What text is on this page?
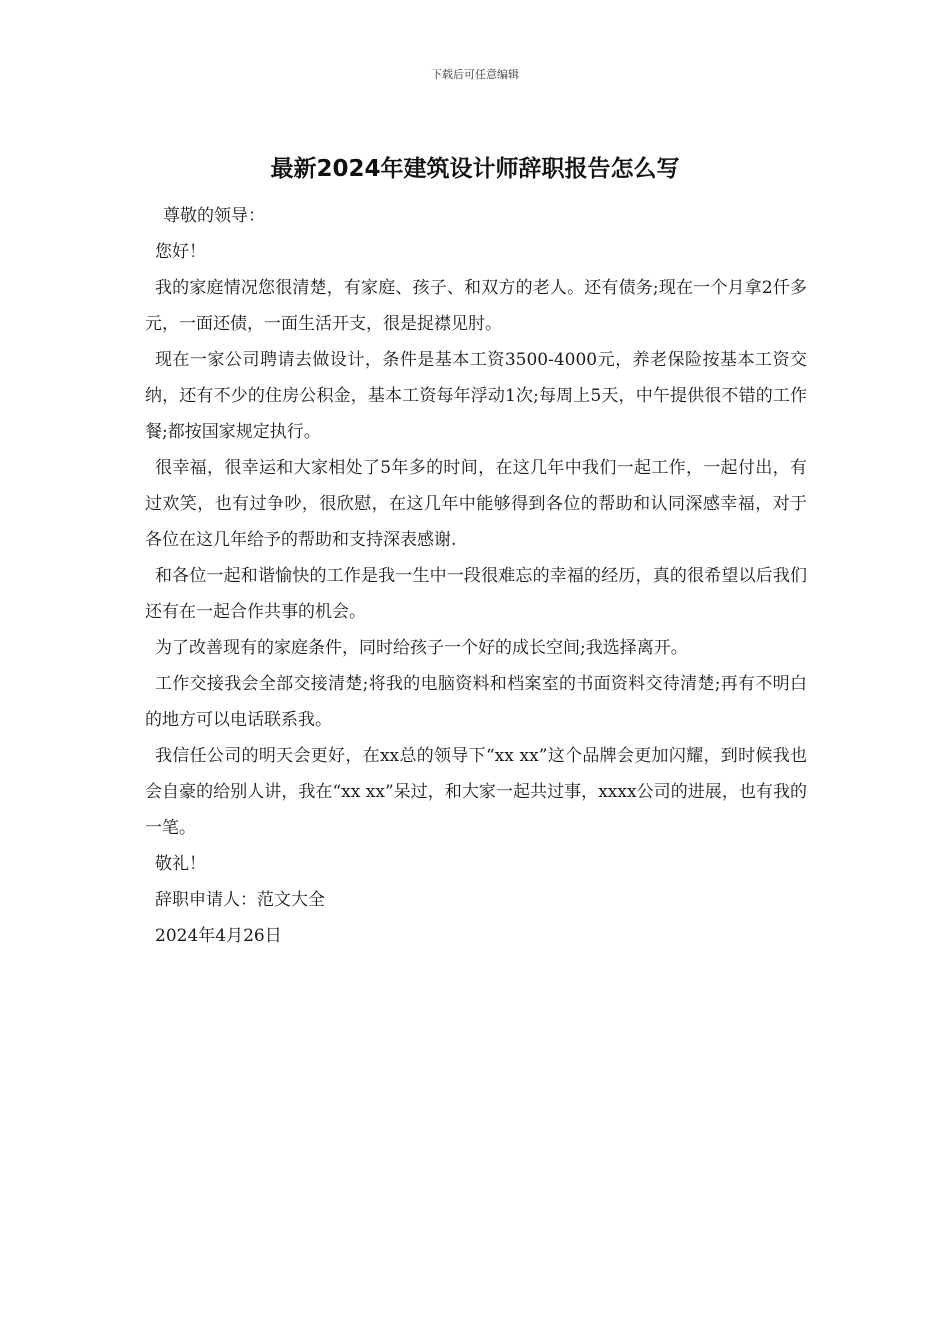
下载后可任意编辑
最新2024年建筑设计师辞职报告怎么写

尊敬的领导：

您好！

我的家庭情况您很清楚，有家庭、孩子、和双方的老人。还有债务;现在一个月拿2仟多元，一面还债，一面生活开支，很是捉襟见肘。

现在一家公司聘请去做设计，条件是基本工资3500-4000元，养老保险按基本工资交纳，还有不少的住房公积金，基本工资每年浮动1次;每周上5天，中午提供很不错的工作餐;都按国家规定执行。

很幸福，很幸运和大家相处了5年多的时间，在这几年中我们一起工作，一起付出，有过欢笑，也有过争吵，很欣慰，在这几年中能够得到各位的帮助和认同深感幸福，对于各位在这几年给予的帮助和支持深表感谢.

和各位一起和谐愉快的工作是我一生中一段很难忘的幸福的经历，真的很希望以后我们还有在一起合作共事的机会。

为了改善现有的家庭条件，同时给孩子一个好的成长空间;我选择离开。

工作交接我会全部交接清楚;将我的电脑资料和档案室的书面资料交待清楚;再有不明白的地方可以电话联系我。

我信任公司的明天会更好，在xx总的领导下“xx xx”这个品牌会更加闪耀，到时候我也会自豪的给别人讲，我在“xx xx”呆过，和大家一起共过事，xxxx公司的进展，也有我的一笔。

敬礼！

辞职申请人：范文大全

2024年4月26日
